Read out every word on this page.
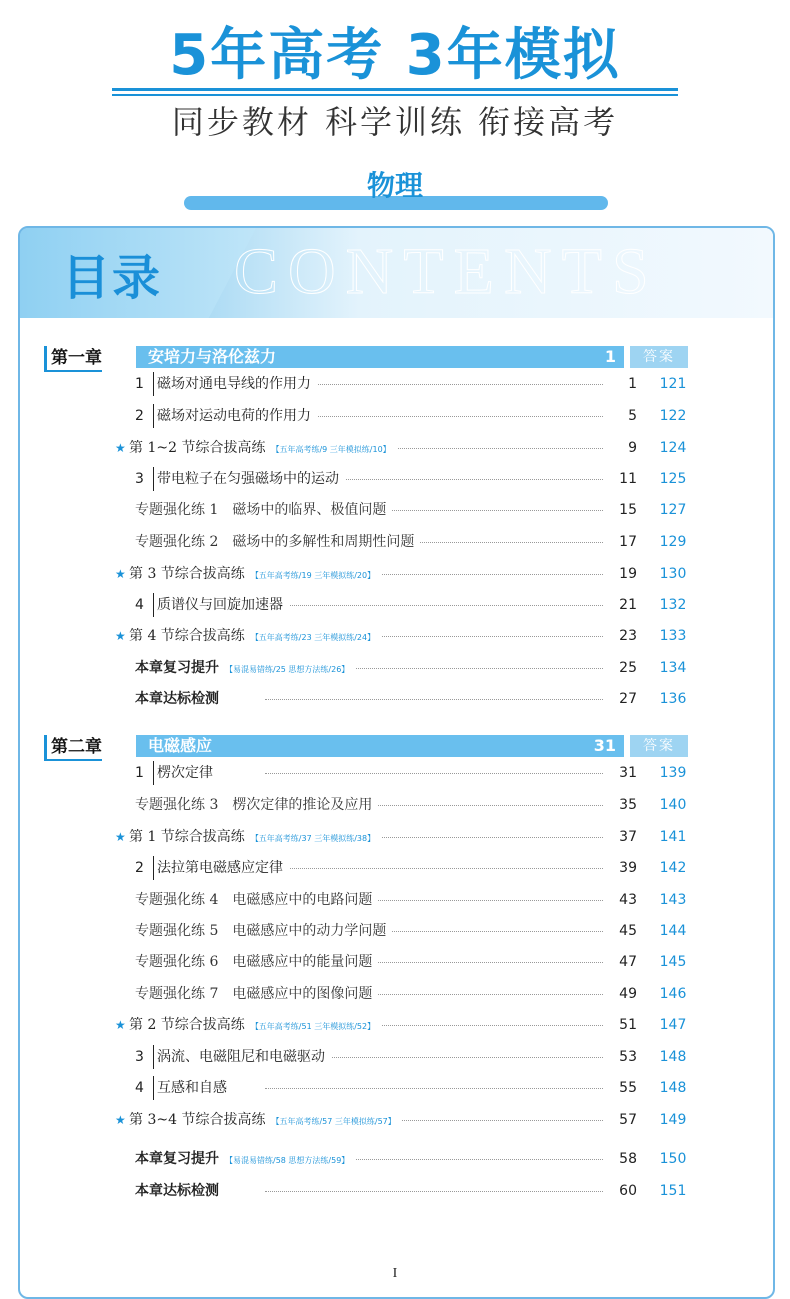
5年高考 3年模拟
同步教材 科学训练 衔接高考
物理
CONTENTS
目录
第一章	安培力与洛伦兹力	1	答案
1 磁场对通电导线的作用力	1	121
2 磁场对运动电荷的作用力	5	122
★ 第 1~2 节综合拔高练 【五年高考练/9 三年模拟练/10】	9	124
3 带电粒子在匀强磁场中的运动	11	125
专题强化练 1　磁场中的临界、极值问题	15	127
专题强化练 2　磁场中的多解性和周期性问题	17	129
★ 第 3 节综合拔高练 【五年高考练/19 三年模拟练/20】	19	130
4 质谱仪与回旋加速器	21	132
★ 第 4 节综合拔高练 【五年高考练/23 三年模拟练/24】	23	133
本章复习提升 【易混易错练/25 思想方法练/26】	25	134
本章达标检测	27	136
第二章	电磁感应	31	答案
1 楞次定律	31	139
专题强化练 3　楞次定律的推论及应用	35	140
★ 第 1 节综合拔高练 【五年高考练/37 三年模拟练/38】	37	141
2 法拉第电磁感应定律	39	142
专题强化练 4　电磁感应中的电路问题	43	143
专题强化练 5　电磁感应中的动力学问题	45	144
专题强化练 6　电磁感应中的能量问题	47	145
专题强化练 7　电磁感应中的图像问题	49	146
★ 第 2 节综合拔高练 【五年高考练/51 三年模拟练/52】	51	147
3 涡流、电磁阻尼和电磁驱动	53	148
4 互感和自感	55	148
★ 第 3~4 节综合拔高练 【五年高考练/57 三年模拟练/57】	57	149
本章复习提升 【易混易错练/58 思想方法练/59】	58	150
本章达标检测	60	151
I
